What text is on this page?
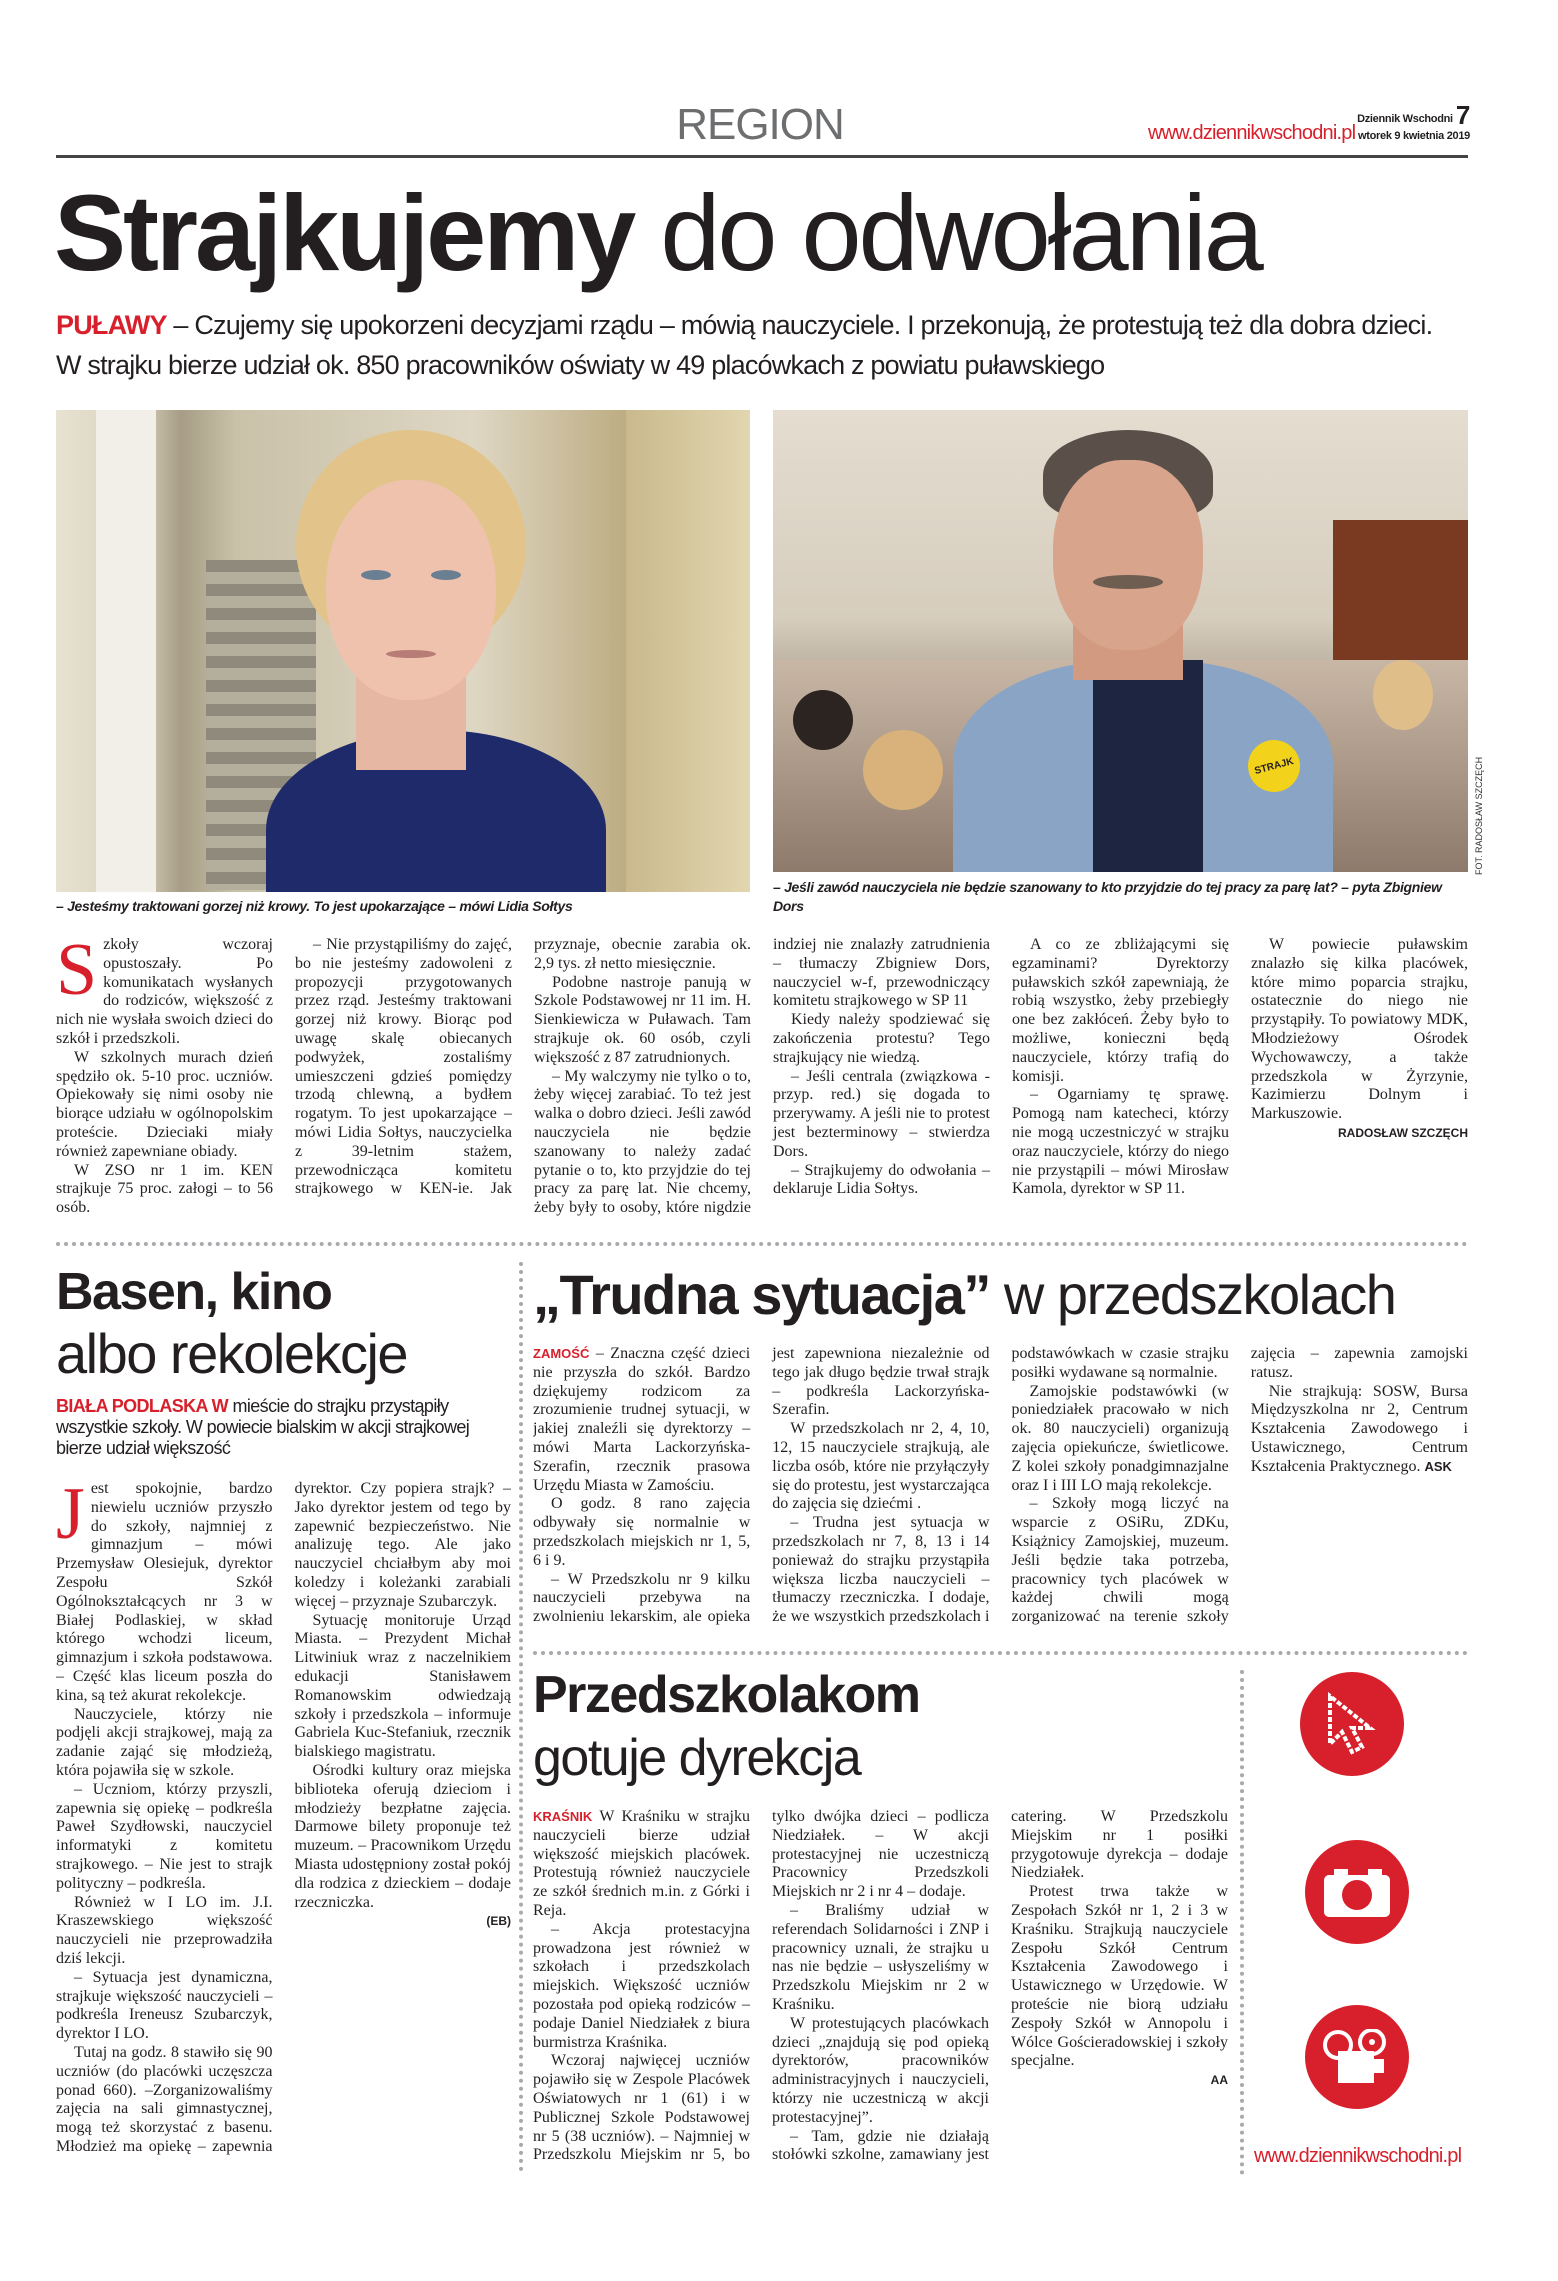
REGION	Dziennik Wschodni 7
www.dziennikwschodni.pl wtorek 9 kwietnia 2019
Strajkujemy do odwołania
PUŁAWY – Czujemy się upokorzeni decyzjami rządu – mówią nauczyciele. I przekonują, że protestują też dla dobra dzieci.
W strajku bierze udział ok. 850 pracowników oświaty w 49 placówkach z powiatu puławskiego
– Jesteśmy traktowani gorzej niż krowy. To jest upokarzające – mówi Lidia Sołtys
STRAJK	FOT. RADOSŁAW SZCZĘCH
– Jeśli zawód nauczyciela nie będzie szanowany to kto przyjdzie do tej pracy za parę lat? – pyta Zbigniew Dors

Szkoły wczoraj opustoszały. Po komunikatach wysłanych do rodziców, większość z nich nie wysłała swoich dzieci do szkół i przedszkoli.

W szkolnych murach dzień spędziło ok. 5-10 proc. uczniów. Opiekowały się nimi osoby nie biorące udziału w ogólnopolskim proteście. Dzieciaki miały również zapewniane obiady.

W ZSO nr 1 im. KEN strajkuje 75 proc. załogi – to 56 osób.

– Nie przystąpiliśmy do zajęć, bo nie jesteśmy zadowoleni z propozycji przygotowanych przez rząd. Jesteśmy traktowani gorzej niż krowy. Biorąc pod uwagę skalę obiecanych podwyżek, zostaliśmy umieszczeni gdzieś pomiędzy trzodą chlewną, a bydłem rogatym. To jest upokarzające – mówi Lidia Sołtys, nauczycielka z 39-letnim stażem, przewodnicząca komitetu strajkowego w KEN-ie. Jak przyznaje, obecnie zarabia ok. 2,9 tys. zł netto miesięcznie.

Podobne nastroje panują w Szkole Podstawowej nr 11 im. H. Sienkiewicza w Puławach. Tam strajkuje ok. 60 osób, czyli większość z 87 zatrudnionych.

– My walczymy nie tylko o to, żeby więcej zarabiać. To też jest walka o dobro dzieci. Jeśli zawód nauczyciela nie będzie szanowany to należy zadać pytanie o to, kto przyjdzie do tej pracy za parę lat. Nie chcemy, żeby były to osoby, które nigdzie indziej nie znalazły zatrudnienia – tłumaczy Zbigniew Dors, nauczyciel w-f, przewodniczący komitetu strajkowego w SP 11

Kiedy należy spodziewać się zakończenia protestu? Tego strajkujący nie wiedzą.

– Jeśli centrala (związkowa - przyp. red.) się dogada to przerywamy. A jeśli nie to protest jest bezterminowy – stwierdza Dors.

– Strajkujemy do odwołania – deklaruje Lidia Sołtys.

A co ze zbliżającymi się egzaminami? Dyrektorzy puławskich szkół zapewniają, że robią wszystko, żeby przebiegły one bez zakłóceń. Żeby było to możliwe, konieczni będą nauczyciele, którzy trafią do komisji.

– Ogarniamy tę sprawę. Pomogą nam katecheci, którzy nie mogą uczestniczyć w strajku oraz nauczyciele, którzy do niego nie przystąpili – mówi Mirosław Kamola, dyrektor w SP 11.

W powiecie puławskim znalazło się kilka placówek, które mimo poparcia strajku, ostatecznie do niego nie przystąpiły. To powiatowy MDK, Młodzieżowy Ośrodek Wychowawczy, a także przedszkola w Żyrzynie, Kazimierzu Dolnym i Markuszowie.

RADOSŁAW SZCZĘCH
Basen, kino
albo rekolekcje
BIAŁA PODLASKA W mieście do strajku przystąpiły wszystkie szkoły. W powiecie bialskim w akcji strajkowej bierze udział większość

Jest spokojnie, bardzo niewielu uczniów przyszło do szkoły, najmniej z gimnazjum – mówi Przemysław Olesiejuk, dyrektor Zespołu Szkół Ogólnokształcących nr 3 w Białej Podlaskiej, w skład którego wchodzi liceum, gimnazjum i szkoła podstawowa. – Część klas liceum poszła do kina, są też akurat rekolekcje.

Nauczyciele, którzy nie podjęli akcji strajkowej, mają za zadanie zająć się młodzieżą, która pojawiła się w szkole.

– Uczniom, którzy przyszli, zapewnia się opiekę – podkreśla Paweł Szydłowski, nauczyciel informatyki z komitetu strajkowego. – Nie jest to strajk polityczny – podkreśla.

Również w I LO im. J.I. Kraszewskiego większość nauczycieli nie przeprowadziła dziś lekcji.

– Sytuacja jest dynamiczna, strajkuje większość nauczycieli – podkreśla Ireneusz Szubarczyk, dyrektor I LO.

Tutaj na godz. 8 stawiło się 90 uczniów (do placówki uczęszcza ponad 660). –Zorganizowaliśmy zajęcia na sali gimnastycznej, mogą też skorzystać z basenu. Młodzież ma opiekę – zapewnia dyrektor. Czy popiera strajk? – Jako dyrektor jestem od tego by zapewnić bezpieczeństwo. Nie analizuję tego. Ale jako nauczyciel chciałbym aby moi koledzy i koleżanki zarabiali więcej – przyznaje Szubarczyk.

Sytuację monitoruje Urząd Miasta. – Prezydent Michał Litwiniuk wraz z naczelnikiem edukacji Stanisławem Romanowskim odwiedzają szkoły i przedszkola – informuje Gabriela Kuc-Stefaniuk, rzecznik bialskiego magistratu.

Ośrodki kultury oraz miejska biblioteka oferują dzieciom i młodzieży bezpłatne zajęcia. Darmowe bilety proponuje też muzeum. – Pracownikom Urzędu Miasta udostępniony został pokój dla rodzica z dzieckiem – dodaje rzeczniczka.

(EB)
„Trudna sytuacja” w przedszkolach

ZAMOŚĆ – Znaczna część dzieci nie przyszła do szkół. Bardzo dziękujemy rodzicom za zrozumienie trudnej sytuacji, w jakiej znaleźli się dyrektorzy – mówi Marta Lackorzyńska-Szerafin, rzecznik prasowa Urzędu Miasta w Zamościu.

O godz. 8 rano zajęcia odbywały się normalnie w przedszkolach miejskich nr 1, 5, 6 i 9.

– W Przedszkolu nr 9 kilku nauczycieli przebywa na zwolnieniu lekarskim, ale opieka jest zapewniona niezależnie od tego jak długo będzie trwał strajk – podkreśla Lackorzyńska-Szerafin.

W przedszkolach nr 2, 4, 10, 12, 15 nauczyciele strajkują, ale liczba osób, które nie przyłączyły się do protestu, jest wystarczająca do zajęcia się dziećmi .

– Trudna jest sytuacja w przedszkolach nr 7, 8, 13 i 14 ponieważ do strajku przystąpiła większa liczba nauczycieli – tłumaczy rzeczniczka. I dodaje, że we wszystkich przedszkolach i podstawówkach w czasie strajku posiłki wydawane są normalnie.

Zamojskie podstawówki (w poniedziałek pracowało w nich ok. 80 nauczycieli) organizują zajęcia opiekuńcze, świetlicowe. Z kolei szkoły ponadgimnazjalne oraz I i III LO mają rekolekcje.

– Szkoły mogą liczyć na wsparcie z OSiRu, ZDKu, Książnicy Zamojskiej, muzeum. Jeśli będzie taka potrzeba, pracownicy tych placówek w każdej chwili mogą zorganizować na terenie szkoły zajęcia – zapewnia zamojski ratusz.

Nie strajkują: SOSW, Bursa Międzyszkolna nr 2, Centrum Kształcenia Zawodowego i Ustawicznego, Centrum Kształcenia Praktycznego. ASK

Przedszkolakom
gotuje dyrekcja

KRAŚNIK W Kraśniku w strajku nauczycieli bierze udział większość miejskich placówek. Protestują również nauczyciele ze szkół średnich m.in. z Górki i Reja.

– Akcja protestacyjna prowadzona jest również w szkołach i przedszkolach miejskich. Większość uczniów pozostała pod opieką rodziców – podaje Daniel Niedziałek z biura burmistrza Kraśnika.

Wczoraj najwięcej uczniów pojawiło się w Zespole Placówek Oświatowych nr 1 (61) i w Publicznej Szkole Podstawowej nr 5 (38 uczniów). – Najmniej w Przedszkolu Miejskim nr 5, bo tylko dwójka dzieci – podlicza Niedziałek. – W akcji protestacyjnej nie uczestniczą Pracownicy Przedszkoli Miejskich nr 2 i nr 4 – dodaje.

– Braliśmy udział w referendach Solidarności i ZNP i pracownicy uznali, że strajku u nas nie będzie – usłyszeliśmy w Przedszkolu Miejskim nr 2 w Kraśniku.

W protestujących placówkach dzieci „znajdują się pod opieką dyrektorów, pracowników administracyjnych i nauczycieli, którzy nie uczestniczą w akcji protestacyjnej”.

– Tam, gdzie nie działają stołówki szkolne, zamawiany jest catering. W Przedszkolu Miejskim nr 1 posiłki przygotowuje dyrekcja – dodaje Niedziałek.

Protest trwa także w Zespołach Szkół nr 1, 2 i 3 w Kraśniku. Strajkują nauczyciele Zespołu Szkół Centrum Kształcenia Zawodowego i Ustawicznego w Urzędowie. W proteście nie biorą udziału Zespoły Szkół w Annopolu i Wólce Gościeradowskiej i szkoły specjalne.

AA
www.dziennikwschodni.pl
